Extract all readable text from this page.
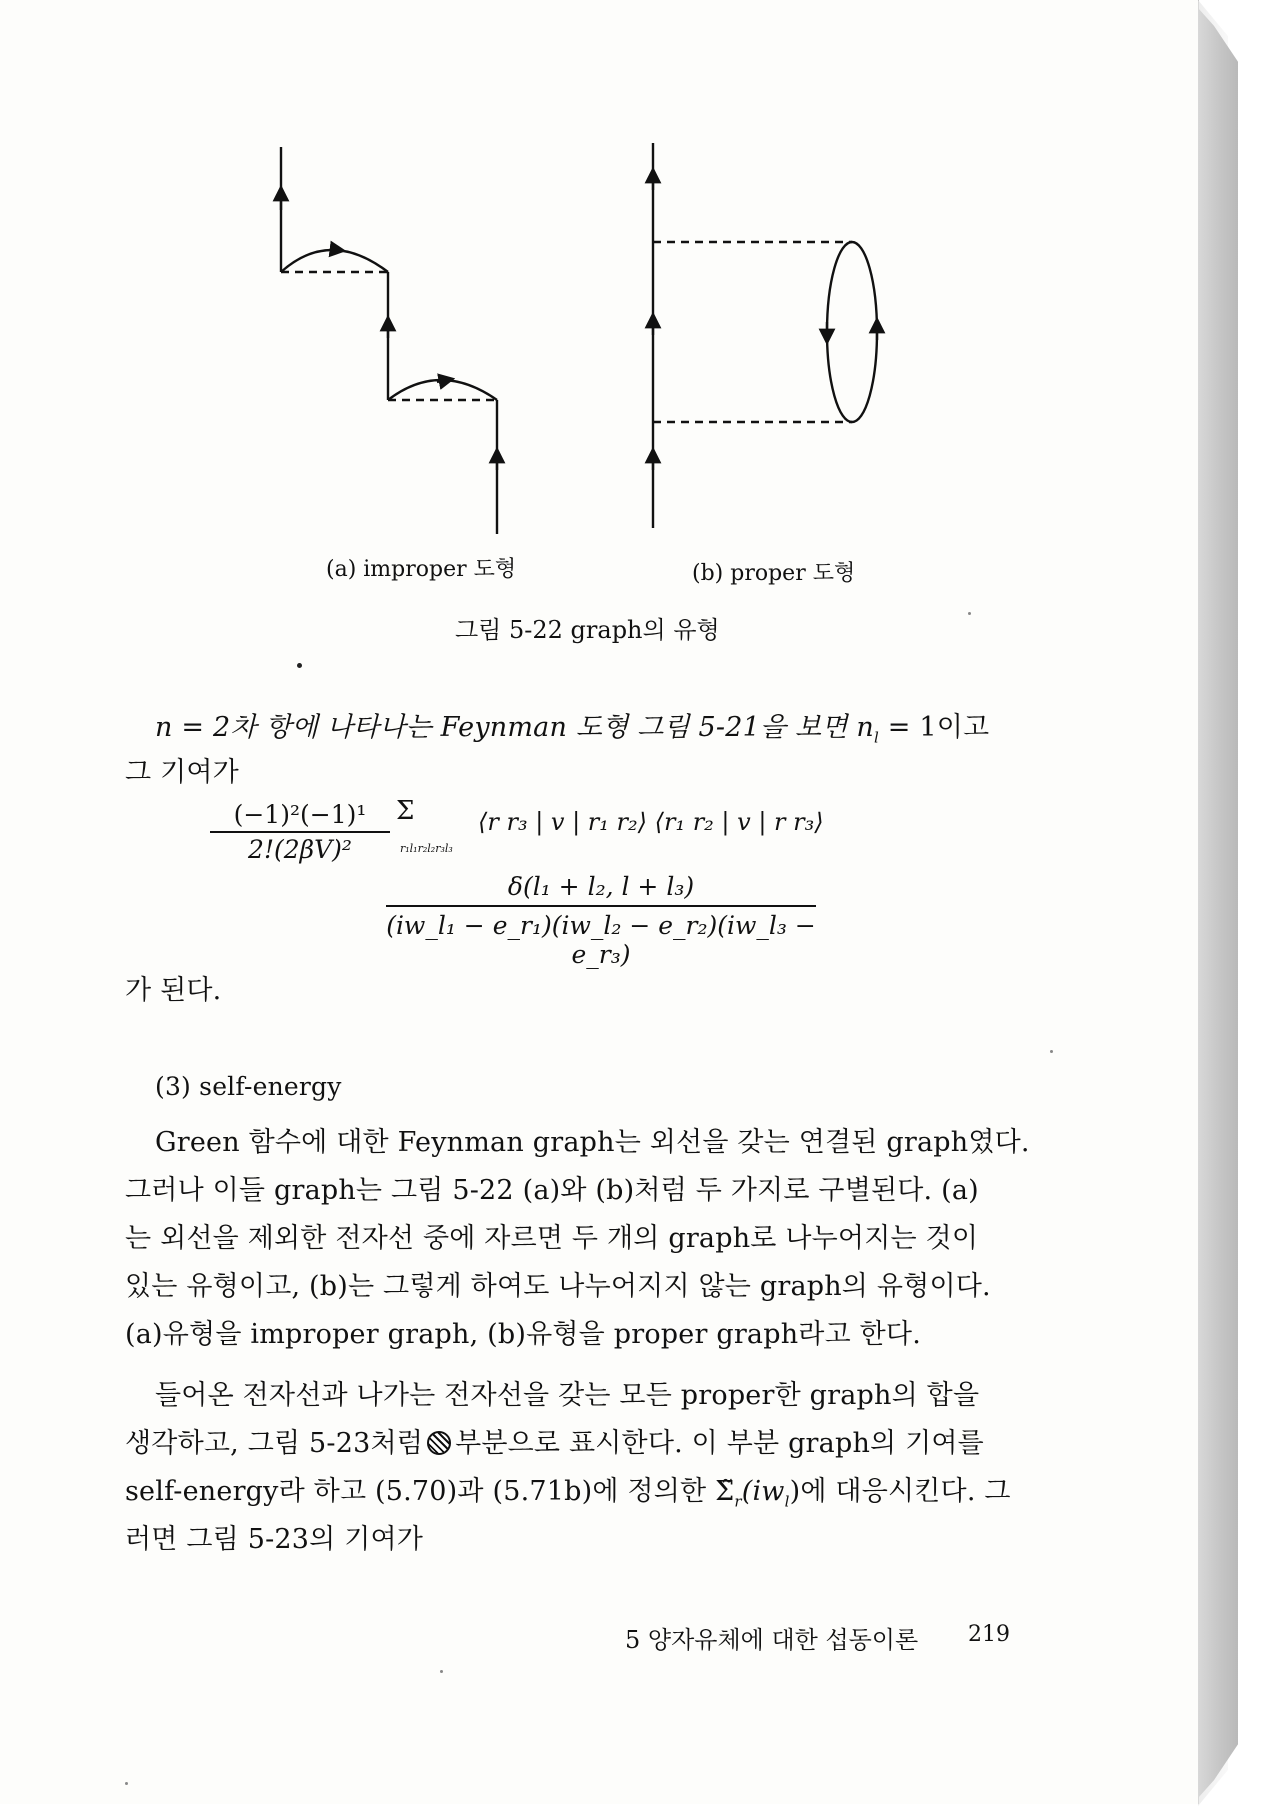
(a) improper 도형	(b) proper 도형
그림 5-22 graph의 유형
n = 2차 항에 나타나는 Feynman 도형 그림 5-21을 보면 $n_l = 1$이고
그 기여가
$\frac{\text{(−1)²(−1)¹}}{\text{2!(2βV)²}}$ Σ
r₁l₁r₂l₂r₃l₃
⟨r r₃ | v | r₁ r₂⟩ ⟨r₁ r₂ | v | r r₃⟩
$\frac{\text{δ(l₁ + l₂, l + l₃)}}{\text{(iw\_l₁ − e\_r₁)(iw\_l₂ − e\_r₂)(iw\_l₃ − e\_r₃)}}$
가 된다.
(3) self-energy
Green 함수에 대한 Feynman graph는 외선을 갖는 연결된 graph였다.
그러나 이들 graph는 그림 5-22 (a)와 (b)처럼 두 가지로 구별된다. (a)
는 외선을 제외한 전자선 중에 자르면 두 개의 graph로 나누어지는 것이
있는 유형이고, (b)는 그렇게 하여도 나누어지지 않는 graph의 유형이다.
(a)유형을 improper graph, (b)유형을 proper graph라고 한다.
들어온 전자선과 나가는 전자선을 갖는 모든 proper한 graph의 합을
생각하고, 그림 5-23처럼 부분으로 표시한다. 이 부분 graph의 기여를
self-energy라 하고 (5.70)과 (5.71b)에 정의한 $\Sigmã_r(iw_l)$에 대응시킨다. 그
러면 그림 5-23의 기여가
5 양자유체에 대한 섭동이론 219
